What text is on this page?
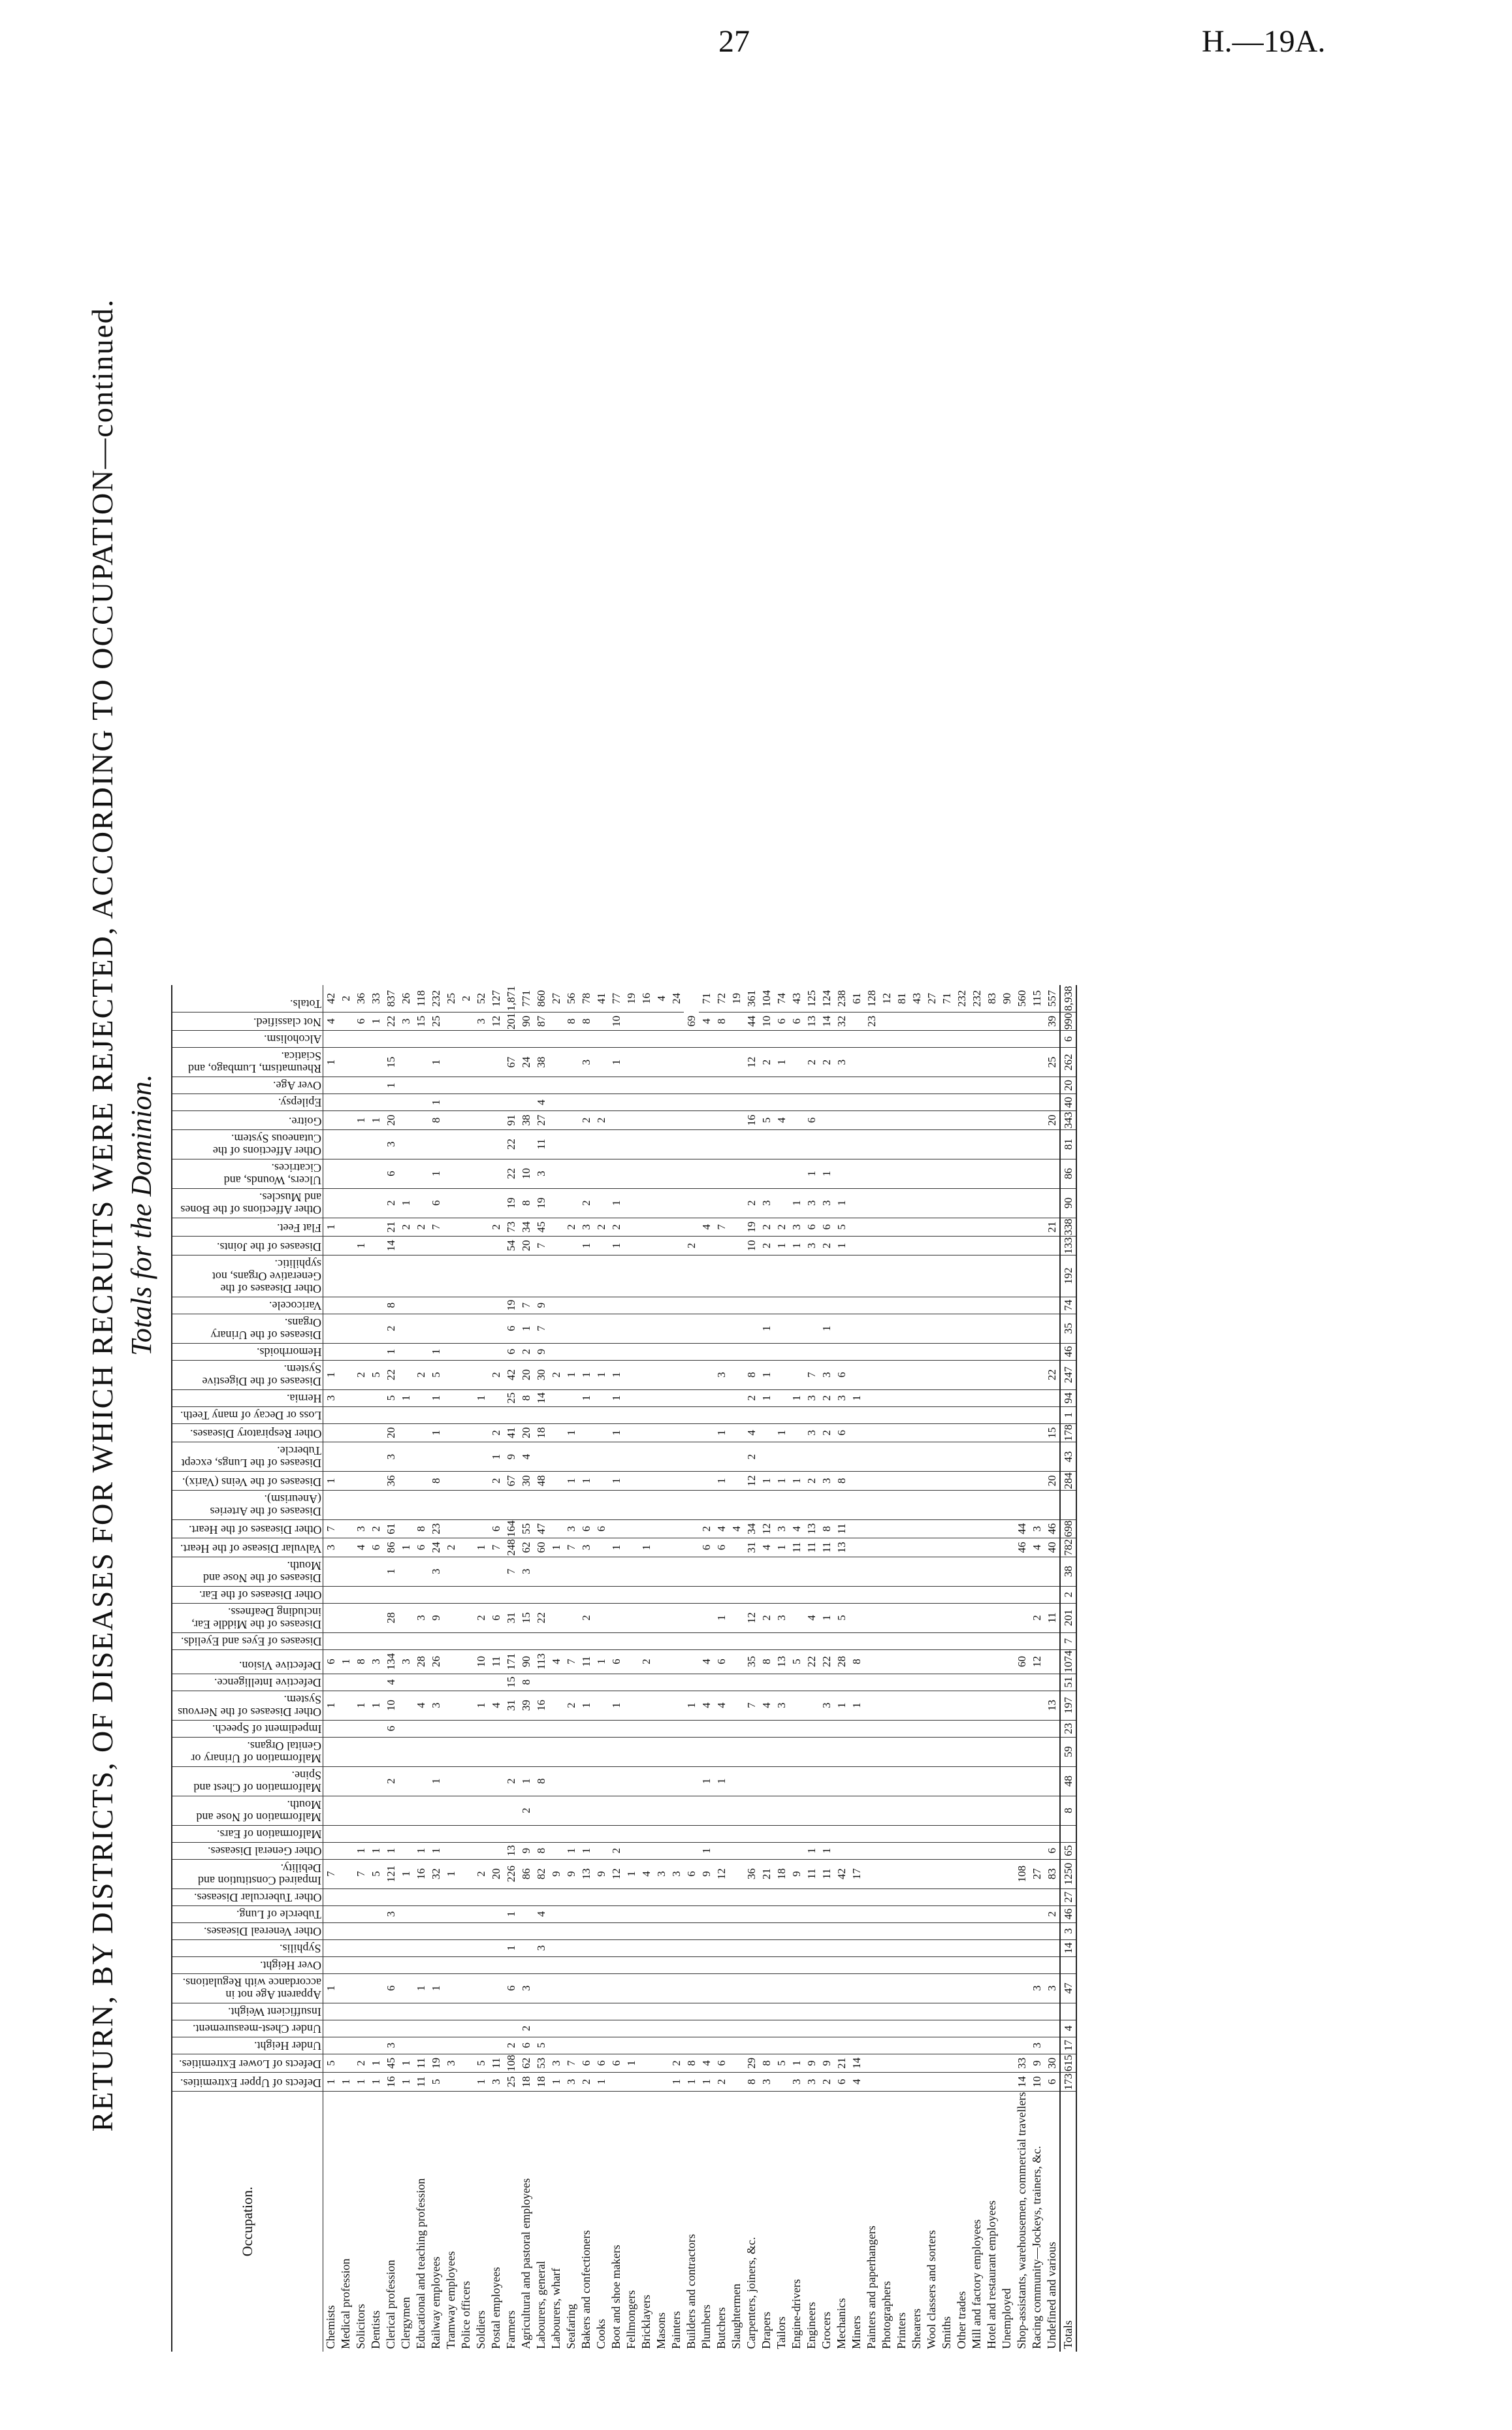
27	H.—19A.
RETURN, BY DISTRICTS, OF DISEASES FOR WHICH RECRUITS WERE REJECTED, ACCORDING TO OCCUPATION—continued. Totals for the Dominion.
Occupation.	Defects of Upper Extremities.	Defects of Lower Extremities.	Under Height.	Under Chest-measurement.	Insufficient Weight.	Apparent Age not in accordance with Regulations.	Over Height.	Syphilis.	Other Venereal Diseases.	Tubercle of Lung.	Other Tubercular Diseases.	Impaired Constitution and Debility.	Other General Diseases.	Malformation of Ears.	Malformation of Nose and Mouth.	Malformation of Chest and Spine.	Malformation of Urinary or Genital Organs.	Impediment of Speech.	Other Diseases of the Nervous System.	Defective Intelligence.	Defective Vision.	Diseases of Eyes and Eyelids.	Diseases of the Middle Ear, including Deafness.	Other Diseases of the Ear.	Diseases of the Nose and Mouth.	Valvular Disease of the Heart.	Other Diseases of the Heart.	Diseases of the Arteries (Aneurism).	Diseases of the Veins (Varix).	Diseases of the Lungs, except Tubercle.	Other Respiratory Diseases.	Loss or Decay of many Teeth.	Hernia.	Diseases of the Digestive System.	Hemorrhoids.	Diseases of the Urinary Organs.	Varicocele.	Other Diseases of the Generative Organs, not syphilitic.	Diseases of the Joints.	Flat Feet.	Other Affections of the Bones and Muscles.	Ulcers, Wounds, and Cicatrices.	Other Affections of the Cutaneous System.	Goitre.	Epilepsy.	Over Age.	Rheumatism, Lumbago, and Sciatica.	Alcoholism.	Not classified.	Totals.

Chemists	1	5				1						7							1		6					3	7		1				3	1						1							1		4	42
Medical profession	1																				1																													2
Solicitors	1	2										7	1						1		8					4	3							2					1					1					6	36
Dentists	1	1										5	1						1		3					6	2							5										1					1	33
Clerical profession	16	45	3			6				3		121	1			2		6	10	4	134		28		1	86	61		36	3	20		5	22	1	2	8		14	21	2	6	3	20		1	15		22	837
Clergymen	1	1										1									3					1							1							2	1								3	26
Educational and teaching profession	11	11				1						16	1						4		28		3			6	8							2						2									15	118
Railway employees	5	19				1						32	1			1			3		26		9		3	24	23		8		1		1	5	1					7	6	1		8	1		1		25	232
Tramway employees		3										1														2																								25
Police officers																																																		2
Soldiers	1	5										2							1		10		2			1							1																3	52
Postal employees	3	11										20							4		11		6			7	6		2	1	2			2						2									12	127
Farmers	25	108	2			6		1		1		226	13			2			31	15	171		31		7	248	164		67	9	41		25	42	6	6	19		54	73	19	22	22	91			67		201	1,871
Agricultural and pastoral employees	18	62	6	2		3						86	9		2	1			39	8	90		15		3	62	55		30	4	20		8	20	2	1	7		20	34	8	10		38			24		90	771
Labourers, general	18	53	5					3		4		82	8			8			16		113		22			60	47		48		18		14	30	9	7	9		7	45	19	3	11	27	4		38		87	860
Labourers, wharf	1	3										9									4					1								2																27
Seafaring	3	7										9	1						2		7					7	3		1		1			1						2									8	56
Bakers and confectioners	2	6										13	1						1		11		2			3	6		1				1	1					1	3	2			2			3		8	78
Cooks	1	6										9									1						6							1						2				2						41
Boot and shoe makers		6										12	2						1		6					1			1		1		1	1					1	2	1						1		10	77
Fellmongers		1										1																																						19
Bricklayers												4									2					1																								16
Masons												3																																						4
Painters	1	2										3																																						24
Builders and contractors	1	8										6							1																				2										69	
Plumbers	1	4										9	1			1			4		4					6	2													4									4	71
Butchers	2	6										12				1			4		6		1			6	4		1		1			3						7									8	72
Slaughtermen																											4																							19
Carpenters, joiners, &c.	8	29										36							7		35		12			31	34		12	2	4		2	8					10	19	2			16			12		44	361
Drapers	3	8										21							4		8		2			4	12		1				1	1		1			2	2	3			5			2		10	104
Tailors		5										18							3		13		3			1	3		1		1								1	2				4			1		6	74
Engine-drivers	3	1										9									5					11	4		1				1						1	3	1								6	43
Engineers	3	9										11	1								22		4			11	13		2		3		3	7					3	6	3	1		6			2		13	125
Grocers	2	9										11	1						3		22		1			11	8		3		2		2	3		1			2	6	3	1					2		14	124
Mechanics	6	21										42							1		28		5			13	11		8		6		3	6					1	5	1						3		32	238
Miners	4	14										17							1		8												1																	61
Painters and paperhangers																																																	23	128
Photographers																																																		12
Printers																																																		81
Shearers																																																		43
Wool classers and sorters																																																		27
Smiths																																																		71
Other trades																																																		232
Mill and factory employees																																																		232
Hotel and restaurant employees																																																		83
Unemployed																																																		90
Shop-assistants, warehousemen, commercial travellers	14	33										108									60					46	44																							560
Racing community—Jockeys, trainers, &c.	10	9	3			3						27									12		2			4	3																							115
Undefined and various	6	30				3				2		83	6						13				11			40	46		20		15			22						21				20			25		39	557
Totals	173	615	17	4		47		14	3	46	27	1250	65		8	48	59	23	197	51	1074	7	201	2	38	782	698		284	43	178	1	94	247	46	35	74	192	133	338	90	86	81	343	40	20	262	6	990	8,938
